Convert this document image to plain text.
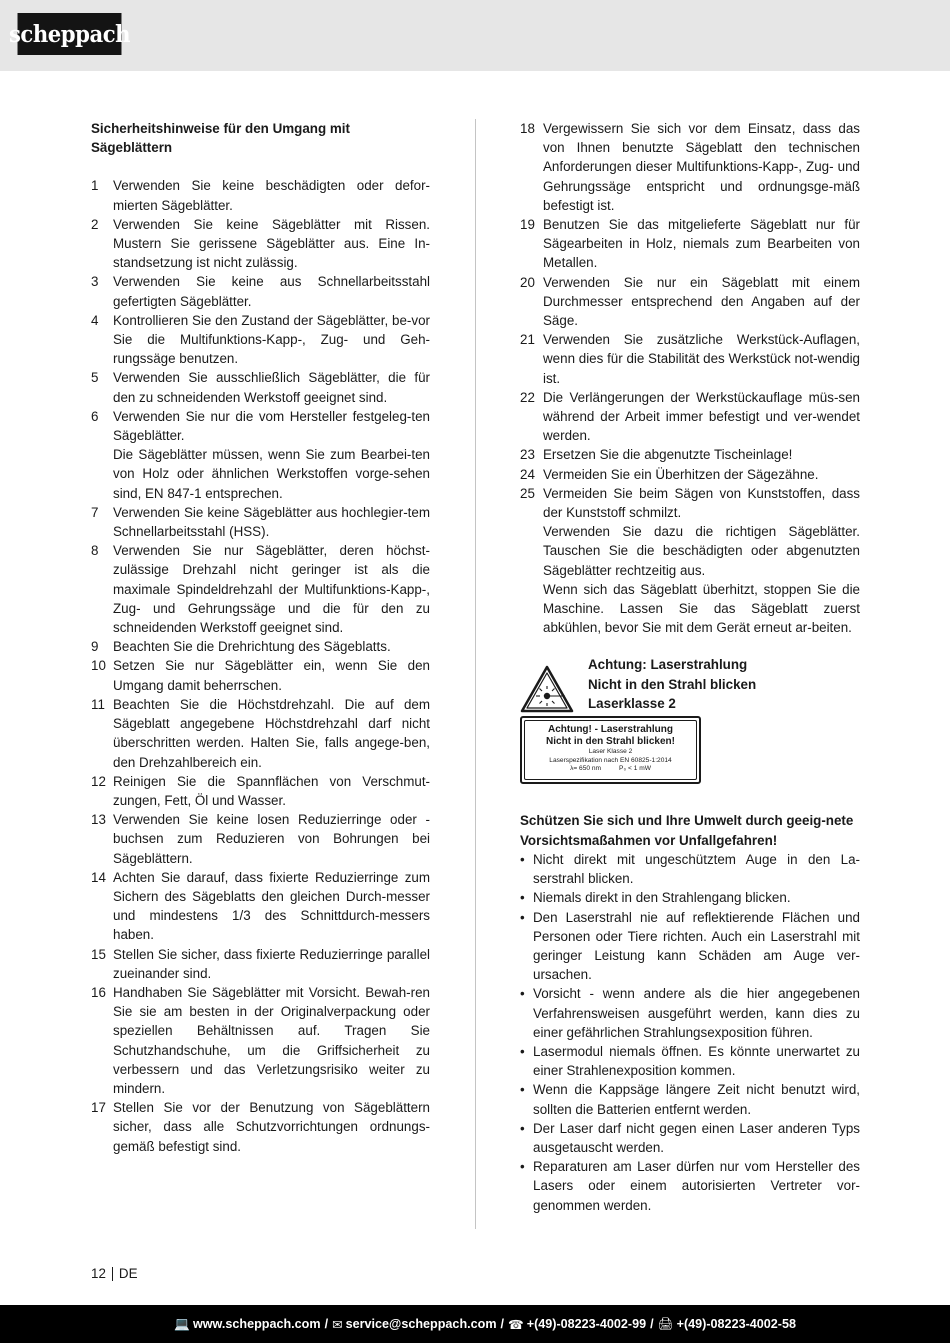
scheppach
Sicherheitshinweise für den Umgang mit Sägeblättern
1	Verwenden Sie keine beschädigten oder defor-mierten Sägeblätter.
2	Verwenden Sie keine Sägeblätter mit Rissen. Mustern Sie gerissene Sägeblätter aus. Eine In-standsetzung ist nicht zulässig.
3	Verwenden Sie keine aus Schnellarbeitsstahl gefertigten Sägeblätter.
4	Kontrollieren Sie den Zustand der Sägeblätter, be-vor Sie die Multifunktions-Kapp-, Zug- und Geh-rungssäge benutzen.
5	Verwenden Sie ausschließlich Sägeblätter, die für den zu schneidenden Werkstoff geeignet sind.
6	Verwenden Sie nur die vom Hersteller festgeleg-ten Sägeblätter.
Die Sägeblätter müssen, wenn Sie zum Bearbei-ten von Holz oder ähnlichen Werkstoffen vorge-sehen sind, EN 847-1 entsprechen.
7	Verwenden Sie keine Sägeblätter aus hochlegier-tem Schnellarbeitsstahl (HSS).
8	Verwenden Sie nur Sägeblätter, deren höchst-zulässige Drehzahl nicht geringer ist als die maximale Spindeldrehzahl der Multifunktions-Kapp-, Zug- und Gehrungssäge und die für den zu schneidenden Werkstoff geeignet sind.
9	Beachten Sie die Drehrichtung des Sägeblatts.
10 Setzen Sie nur Sägeblätter ein, wenn Sie den Umgang damit beherrschen.
11 Beachten Sie die Höchstdrehzahl. Die auf dem Sägeblatt angegebene Höchstdrehzahl darf nicht überschritten werden. Halten Sie, falls angege-ben, den Drehzahlbereich ein.
12 Reinigen Sie die Spannflächen von Verschmut-zungen, Fett, Öl und Wasser.
13 Verwenden Sie keine losen Reduzierringe oder -buchsen zum Reduzieren von Bohrungen bei Sägeblättern.
14 Achten Sie darauf, dass fixierte Reduzierringe zum Sichern des Sägeblatts den gleichen Durch-messer und mindestens 1/3 des Schnittdurch-messers haben.
15 Stellen Sie sicher, dass fixierte Reduzierringe parallel zueinander sind.
16 Handhaben Sie Sägeblätter mit Vorsicht. Bewah-ren Sie sie am besten in der Originalverpackung oder speziellen Behältnissen auf. Tragen Sie Schutzhandschuhe, um die Griffsicherheit zu verbessern und das Verletzungsrisiko weiter zu mindern.
17 Stellen Sie vor der Benutzung von Sägeblättern sicher, dass alle Schutzvorrichtungen ordnungs-gemäß befestigt sind.
18 Vergewissern Sie sich vor dem Einsatz, dass das von Ihnen benutzte Sägeblatt den technischen Anforderungen dieser Multifunktions-Kapp-, Zug- und Gehrungssäge entspricht und ordnungsge-mäß befestigt ist.
19 Benutzen Sie das mitgelieferte Sägeblatt nur für Sägearbeiten in Holz, niemals zum Bearbeiten von Metallen.
20 Verwenden Sie nur ein Sägeblatt mit einem Durchmesser entsprechend den Angaben auf der Säge.
21 Verwenden Sie zusätzliche Werkstück-Auflagen, wenn dies für die Stabilität des Werkstück not-wendig ist.
22 Die Verlängerungen der Werkstückauflage müs-sen während der Arbeit immer befestigt und ver-wendet werden.
23 Ersetzen Sie die abgenutzte Tischeinlage!
24 Vermeiden Sie ein Überhitzen der Sägezähne.
25 Vermeiden Sie beim Sägen von Kunststoffen, dass der Kunststoff schmilzt.
Verwenden Sie dazu die richtigen Sägeblätter. Tauschen Sie die beschädigten oder abgenutzten Sägeblätter rechtzeitig aus.
Wenn sich das Sägeblatt überhitzt, stoppen Sie die Maschine. Lassen Sie das Sägeblatt zuerst abkühlen, bevor Sie mit dem Gerät erneut ar-beiten.
Achtung: Laserstrahlung
Nicht in den Strahl blicken
Laserklasse 2
Achtung! - Laserstrahlung
Nicht in den Strahl blicken!
Laser Klasse 2
Laserspezifikation nach EN 60825-1:2014
λ= 650 nm	P₀ < 1 mW
Schützen Sie sich und Ihre Umwelt durch geeig-nete Vorsichtsmaßahmen vor Unfallgefahren!
• Nicht direkt mit ungeschütztem Auge in den La-serstrahl blicken.
• Niemals direkt in den Strahlengang blicken.
• Den Laserstrahl nie auf reflektierende Flächen und Personen oder Tiere richten. Auch ein Laserstrahl mit geringer Leistung kann Schäden am Auge ver-ursachen.
• Vorsicht - wenn andere als die hier angegebenen Verfahrensweisen ausgeführt werden, kann dies zu einer gefährlichen Strahlungsexposition führen.
• Lasermodul niemals öffnen. Es könnte unerwartet zu einer Strahlenexposition kommen.
• Wenn die Kappsäge längere Zeit nicht benutzt wird, sollten die Batterien entfernt werden.
• Der Laser darf nicht gegen einen Laser anderen Typs ausgetauscht werden.
• Reparaturen am Laser dürfen nur vom Hersteller des Lasers oder einem autorisierten Vertreter vor-genommen werden.
12 DE
💻 www.scheppach.com / ✉ service@scheppach.com / ☎ +(49)-08223-4002-99 / 🖨 +(49)-08223-4002-58
